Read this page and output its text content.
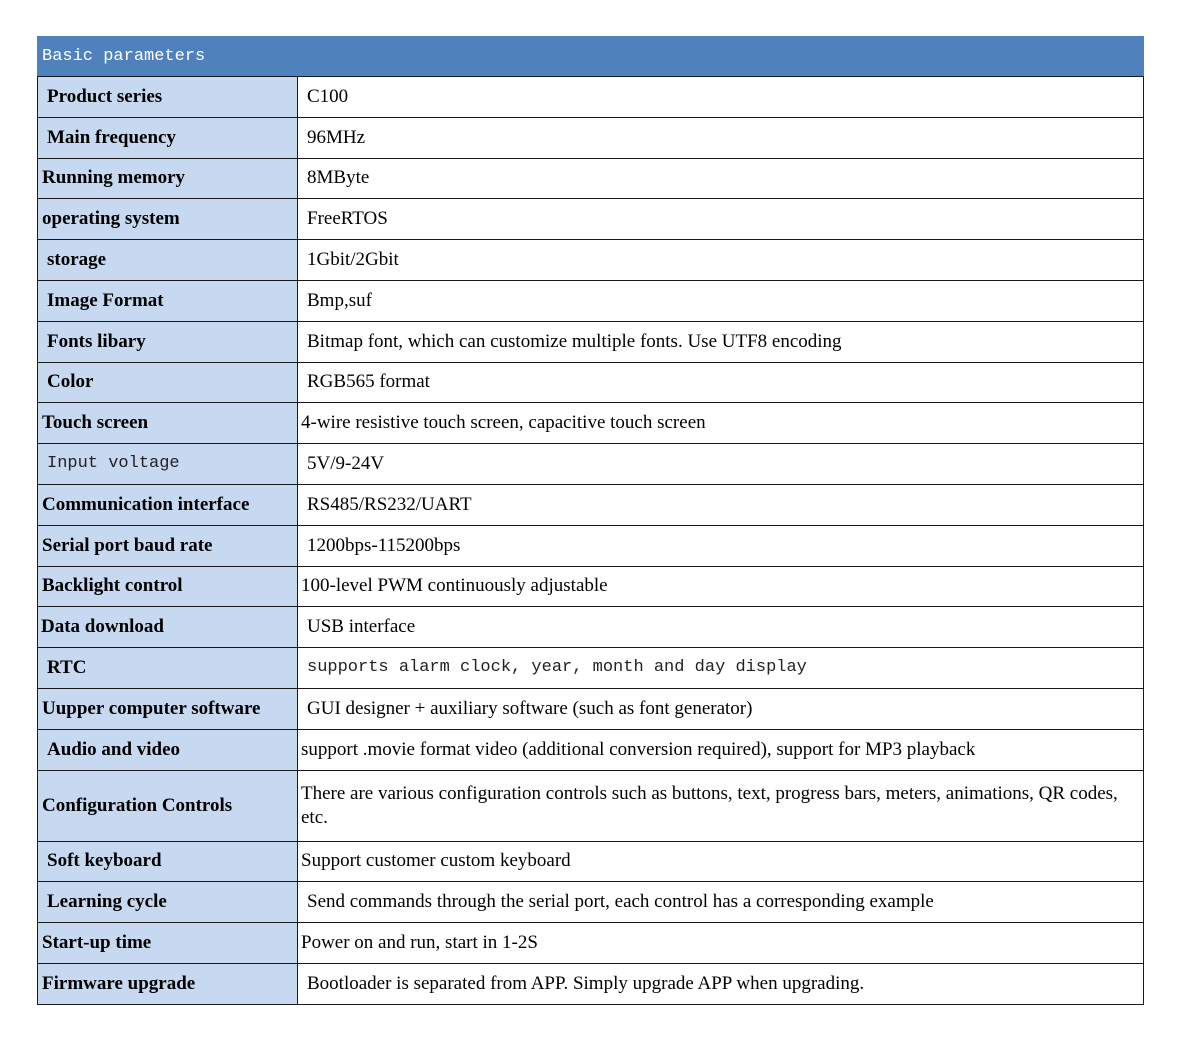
Basic parameters	
Product series	C100
Main frequency	96MHz
Running memory	8MByte
operating system	FreeRTOS
storage	1Gbit/2Gbit
Image Format	Bmp,suf
Fonts libary	Bitmap font, which can customize multiple fonts. Use UTF8 encoding
Color	RGB565 format
Touch screen	4-wire resistive touch screen, capacitive touch screen
Input voltage	5V/9-24V
Communication interface	RS485/RS232/UART
Serial port baud rate	1200bps-115200bps
Backlight control	100-level PWM continuously adjustable
Data download	USB interface
RTC	supports alarm clock, year, month and day display
Uupper computer software	GUI designer + auxiliary software (such as font generator)
Audio and video	support .movie format video (additional conversion required), support for MP3 playback
Configuration Controls	There are various configuration controls such as buttons, text, progress bars, meters, animations, QR codes, etc.
Soft keyboard	Support customer custom keyboard
Learning cycle	Send commands through the serial port, each control has a corresponding example
Start-up time	Power on and run, start in 1-2S
Firmware upgrade	Bootloader is separated from APP. Simply upgrade APP when upgrading.
